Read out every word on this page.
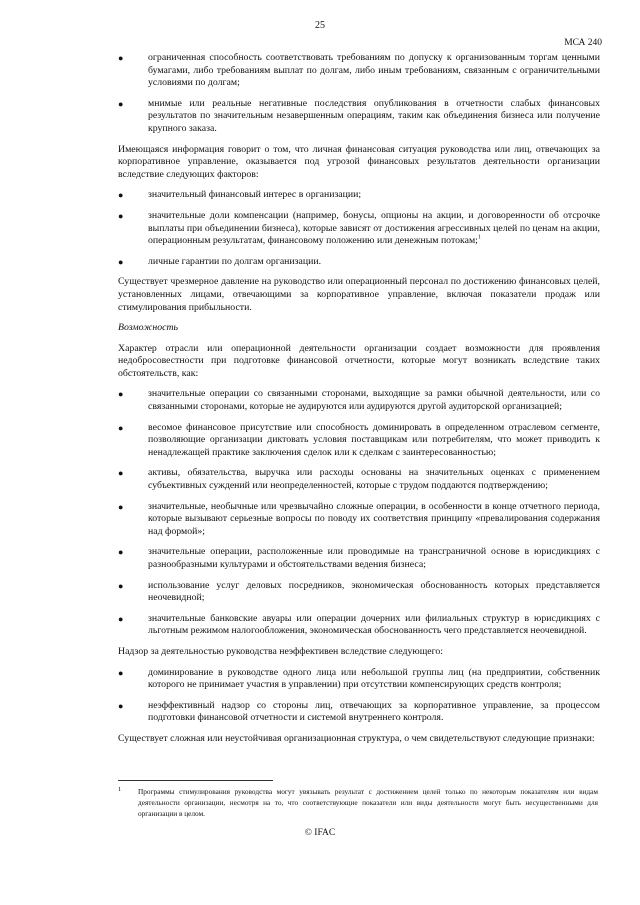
25
МСА 240
●	ограниченная способность соответствовать требованиям по допуску к организованным торгам ценными бумагами, либо требованиям выплат по долгам, либо иным требованиям, связанным с ограничительными условиями по долгам;
●	мнимые или реальные негативные последствия опубликования в отчетности слабых финансовых результатов по значительным незавершенным операциям, таким как объединения бизнеса или получение крупного заказа.
Имеющаяся информация говорит о том, что личная финансовая ситуация руководства или лиц, отвечающих за корпоративное управление, оказывается под угрозой финансовых результатов деятельности организации вследствие следующих факторов:
●	значительный финансовый интерес в организации;
●	значительные доли компенсации (например, бонусы, опционы на акции, и договоренности об отсрочке выплаты при объединении бизнеса), которые зависят от достижения агрессивных целей по ценам на акции, операционным результатам, финансовому положению или денежным потокам;$^1$
●	личные гарантии по долгам организации.
Существует чрезмерное давление на руководство или операционный персонал по достижению финансовых целей, установленных лицами, отвечающими за корпоративное управление, включая показатели продаж или стимулирования прибыльности.
Возможность
Характер отрасли или операционной деятельности организации создает возможности для проявления недобросовестности при подготовке финансовой отчетности, которые могут возникать вследствие таких обстоятельств, как:
●	значительные операции со связанными сторонами, выходящие за рамки обычной деятельности, или со связанными сторонами, которые не аудируются или аудируются другой аудиторской организацией;
●	весомое финансовое присутствие или способность доминировать в определенном отраслевом сегменте, позволяющие организации диктовать условия поставщикам или потребителям, что может приводить к ненадлежащей практике заключения сделок или к сделкам с заинтересованностью;
●	активы, обязательства, выручка или расходы основаны на значительных оценках с применением субъективных суждений или неопределенностей, которые с трудом поддаются подтверждению;
●	значительные, необычные или чрезвычайно сложные операции, в особенности в конце отчетного периода, которые вызывают серьезные вопросы по поводу их соответствия принципу «превалирования содержания над формой»;
●	значительные операции, расположенные или проводимые на трансграничной основе в юрисдикциях с разнообразными культурами и обстоятельствами ведения бизнеса;
●	использование услуг деловых посредников, экономическая обоснованность которых представляется неочевидной;
●	значительные банковские авуары или операции дочерних или филиальных структур в юрисдикциях с льготным режимом налогообложения, экономическая обоснованность чего представляется неочевидной.
Надзор за деятельностью руководства неэффективен вследствие следующего:
●	доминирование в руководстве одного лица или небольшой группы лиц (на предприятии, собственник которого не принимает участия в управлении) при отсутствии компенсирующих средств контроля;
●	неэффективный надзор со стороны лиц, отвечающих за корпоративное управление, за процессом подготовки финансовой отчетности и системой внутреннего контроля.
Существует сложная или неустойчивая организационная структура, о чем свидетельствуют следующие признаки:
1	Программы стимулирования руководства могут увязывать результат с достижением целей только по некоторым показателям или видам деятельности организации, несмотря на то, что соответствующие показатели или виды деятельности могут быть несущественными для организации в целом.
© IFAC
